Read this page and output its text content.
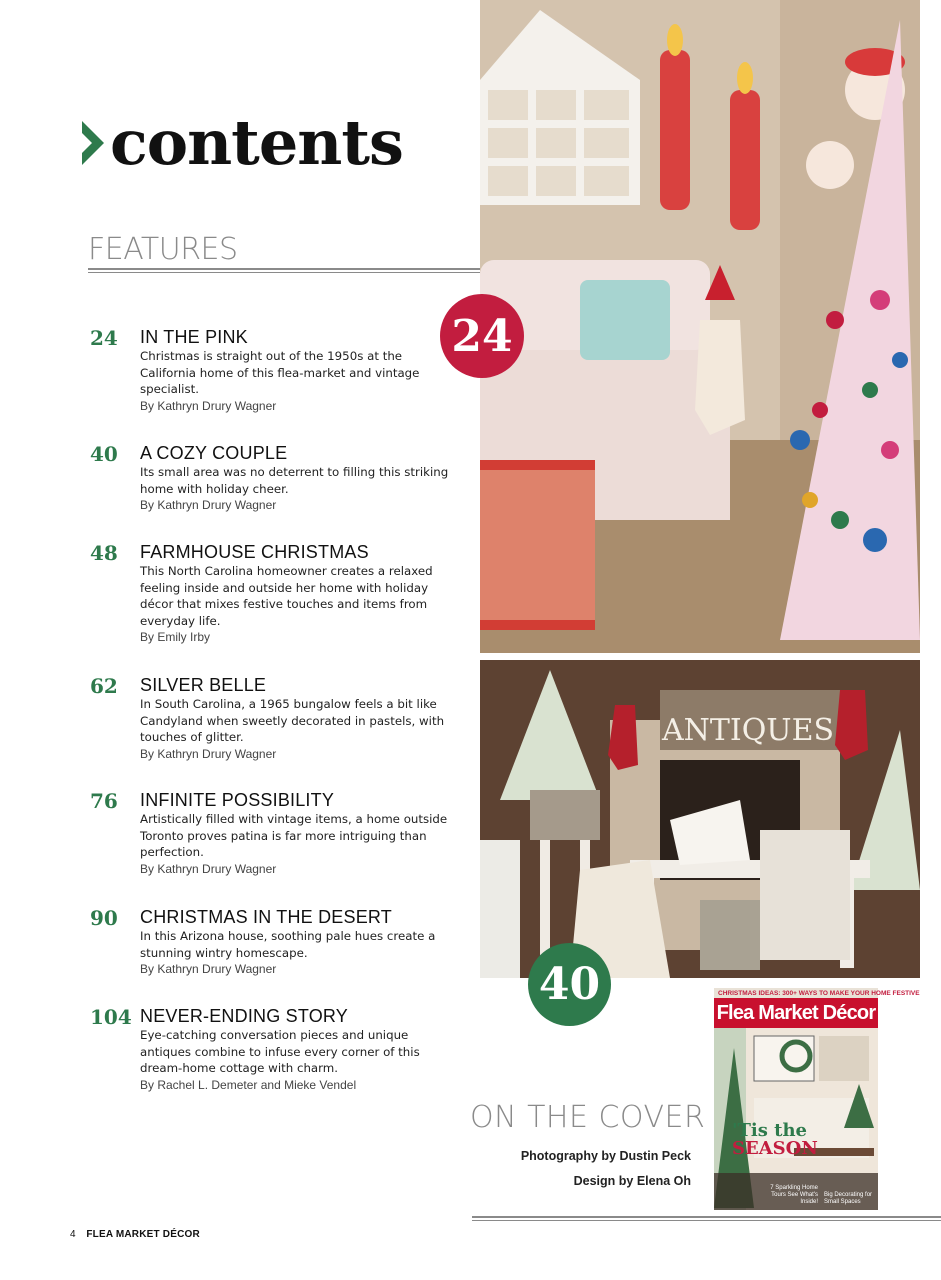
contents
FEATURES
24 IN THE PINK
Christmas is straight out of the 1950s at the California home of this flea-market and vintage specialist.
By Kathryn Drury Wagner
40 A COZY COUPLE
Its small area was no deterrent to filling this striking home with holiday cheer.
By Kathryn Drury Wagner
48 FARMHOUSE CHRISTMAS
This North Carolina homeowner creates a relaxed feeling inside and outside her home with holiday décor that mixes festive touches and items from everyday life.
By Emily Irby
62 SILVER BELLE
In South Carolina, a 1965 bungalow feels a bit like Candyland when sweetly decorated in pastels, with touches of glitter.
By Kathryn Drury Wagner
76 INFINITE POSSIBILITY
Artistically filled with vintage items, a home outside Toronto proves patina is far more intriguing than perfection.
By Kathryn Drury Wagner
90 CHRISTMAS IN THE DESERT
In this Arizona house, soothing pale hues create a stunning wintry homescape.
By Kathryn Drury Wagner
104 NEVER-ENDING STORY
Eye-catching conversation pieces and unique antiques combine to infuse every corner of this dream-home cottage with charm.
By Rachel L. Demeter and Mieke Vendel
ANTIQUES
24
40
ON THE COVER
Photography by Dustin Peck
Design by Elena Oh
CHRISTMAS IDEAS: 300+ WAYS TO MAKE YOUR HOME FESTIVE
Flea Market Décor
'Tis the
SEASON
7 Sparkling Home Tours See What's Inside!
Big Decorating for Small Spaces
4 FLEA MARKET DÉCOR
